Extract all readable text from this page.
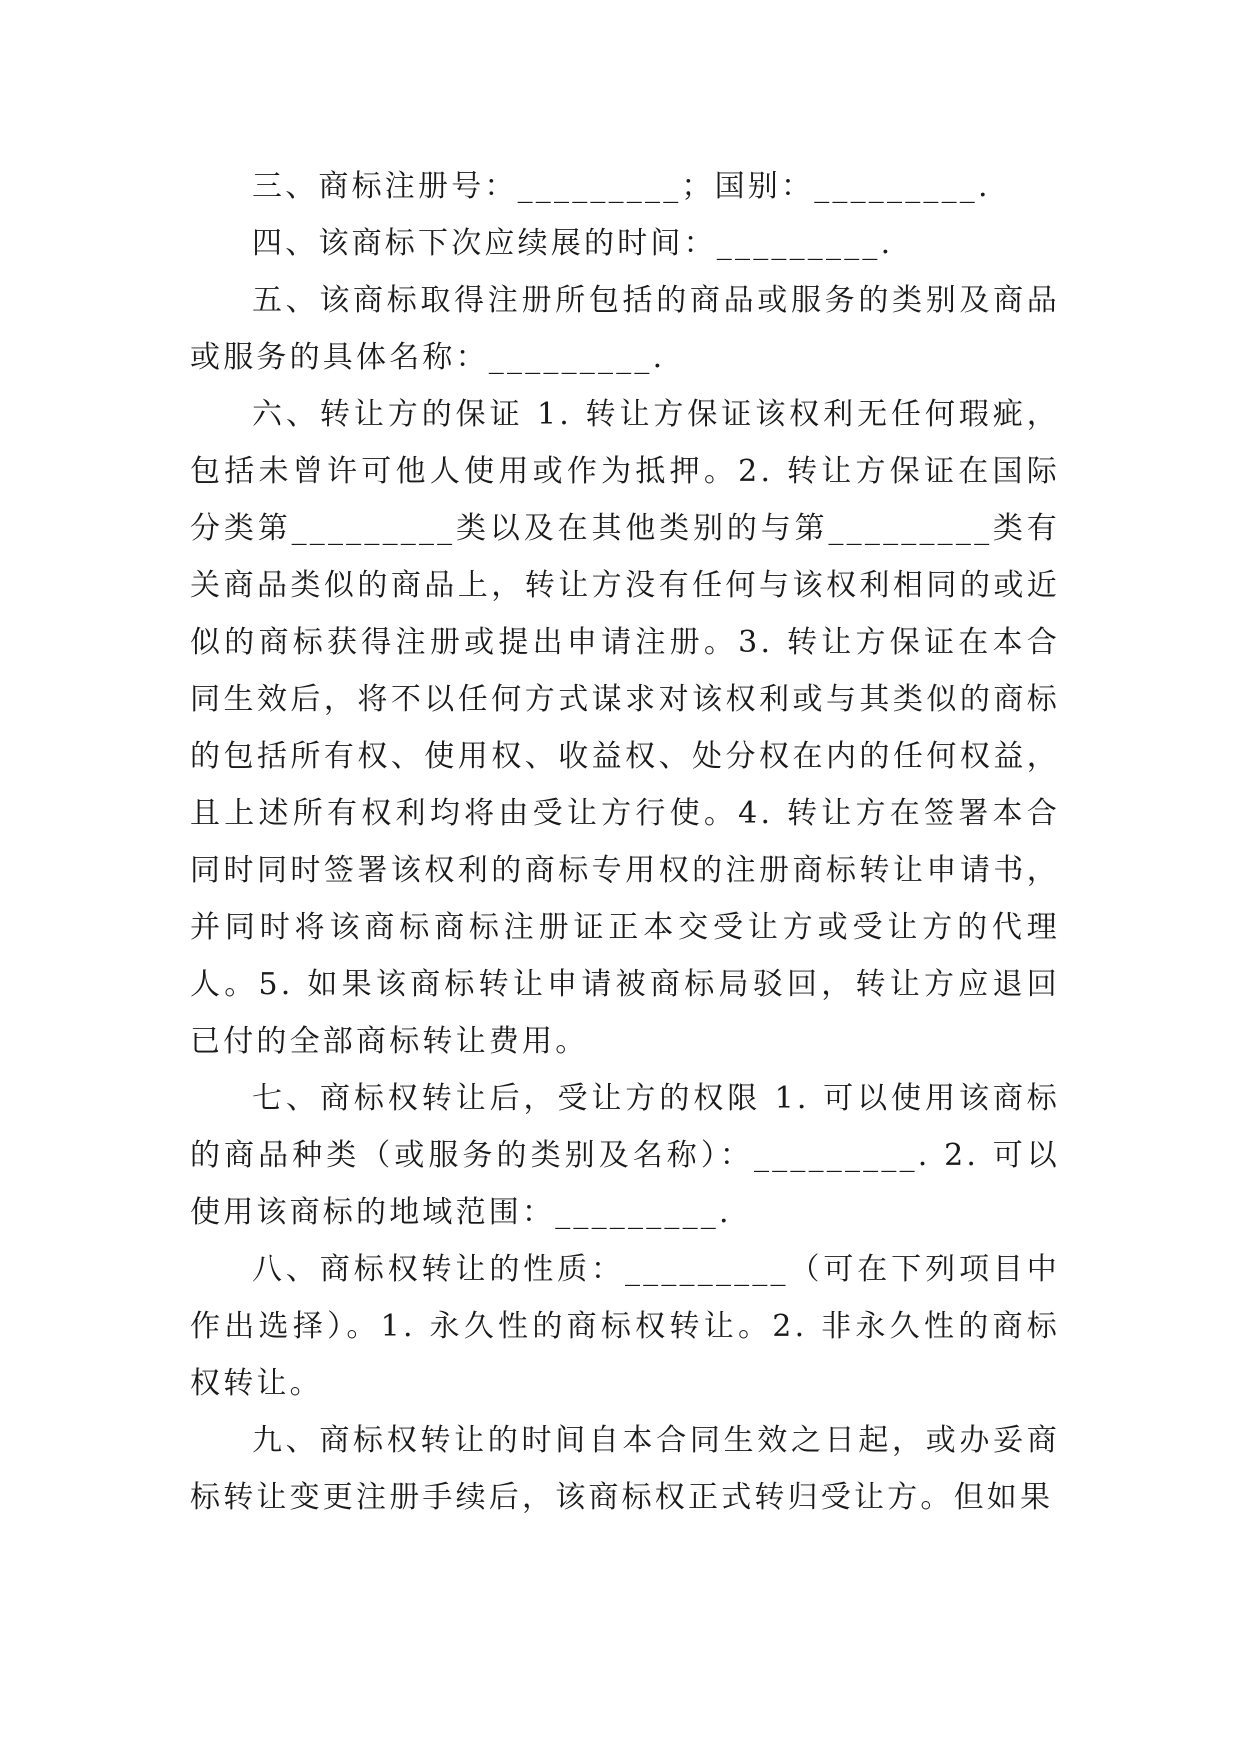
三、商标注册号：_________；国别：_________.

四、该商标下次应续展的时间：_________.

五、该商标取得注册所包括的商品或服务的类别及商品或服务的具体名称：_________.

六、转让方的保证 1. 转让方保证该权利无任何瑕疵，包括未曾许可他人使用或作为抵押。2. 转让方保证在国际分类第_________类以及在其他类别的与第_________类有关商品类似的商品上，转让方没有任何与该权利相同的或近似的商标获得注册或提出申请注册。3. 转让方保证在本合同生效后，将不以任何方式谋求对该权利或与其类似的商标的包括所有权、使用权、收益权、处分权在内的任何权益，且上述所有权利均将由受让方行使。4. 转让方在签署本合同时同时签署该权利的商标专用权的注册商标转让申请书，并同时将该商标商标注册证正本交受让方或受让方的代理人。5. 如果该商标转让申请被商标局驳回，转让方应退回已付的全部商标转让费用。

七、商标权转让后，受让方的权限 1. 可以使用该商标的商品种类（或服务的类别及名称）：_________. 2. 可以使用该商标的地域范围：_________.

八、商标权转让的性质：_________（可在下列项目中作出选择）。1. 永久性的商标权转让。2. 非永久性的商标权转让。

九、商标权转让的时间自本合同生效之日起，或办妥商标转让变更注册手续后，该商标权正式转归受让方。但如果
